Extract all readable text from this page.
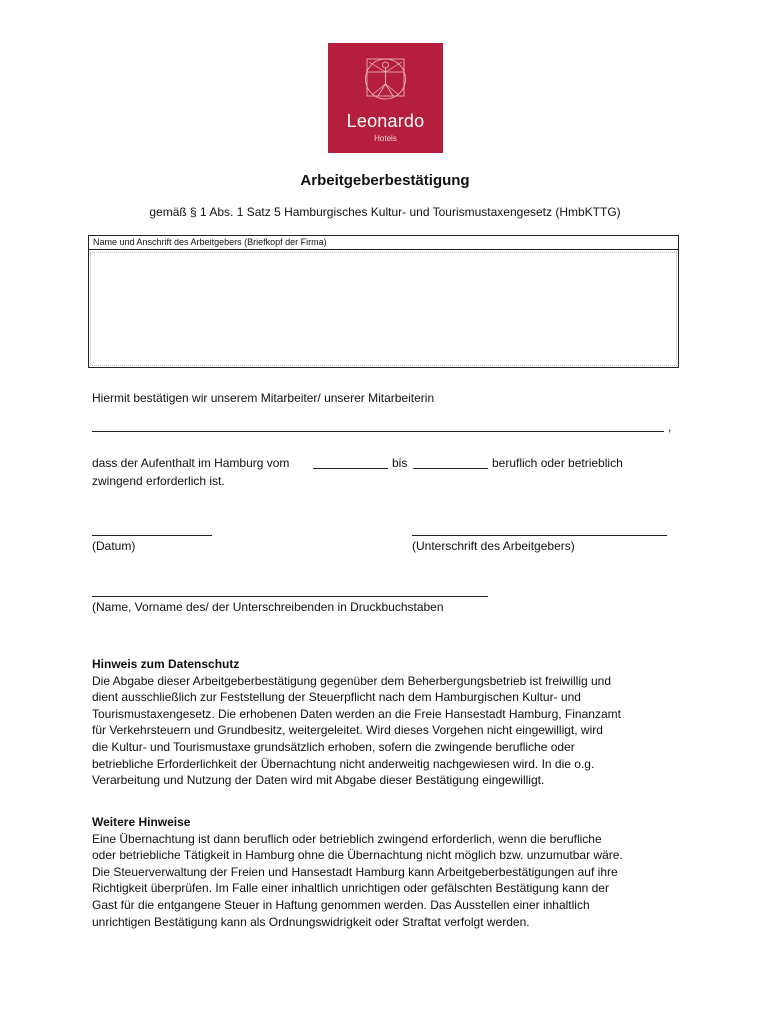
Leonardo
Hotels
Arbeitgeberbestätigung
gemäß § 1 Abs. 1 Satz 5 Hamburgisches Kultur- und Tourismustaxengesetz (HmbKTTG)
Name und Anschrift des Arbeitgebers (Briefkopf der Firma)
Hiermit bestätigen wir unserem Mitarbeiter/ unserer Mitarbeiterin
,
dass der Aufenthalt im Hamburg vom	bis	beruflich oder betrieblich
zwingend erforderlich ist.
(Datum)	(Unterschrift des Arbeitgebers)
(Name, Vorname des/ der Unterschreibenden in Druckbuchstaben
Hinweis zum Datenschutz
Die Abgabe dieser Arbeitgeberbestätigung gegenüber dem Beherbergungsbetrieb ist freiwillig und
dient ausschließlich zur Feststellung der Steuerpflicht nach dem Hamburgischen Kultur- und
Tourismustaxengesetz. Die erhobenen Daten werden an die Freie Hansestadt Hamburg, Finanzamt
für Verkehrsteuern und Grundbesitz, weitergeleitet. Wird dieses Vorgehen nicht eingewilligt, wird
die Kultur- und Tourismustaxe grundsätzlich erhoben, sofern die zwingende berufliche oder
betriebliche Erforderlichkeit der Übernachtung nicht anderweitig nachgewiesen wird. In die o.g.
Verarbeitung und Nutzung der Daten wird mit Abgabe dieser Bestätigung eingewilligt.
Weitere Hinweise
Eine Übernachtung ist dann beruflich oder betrieblich zwingend erforderlich, wenn die berufliche
oder betriebliche Tätigkeit in Hamburg ohne die Übernachtung nicht möglich bzw. unzumutbar wäre.
Die Steuerverwaltung der Freien und Hansestadt Hamburg kann Arbeitgeberbestätigungen auf ihre
Richtigkeit überprüfen. Im Falle einer inhaltlich unrichtigen oder gefälschten Bestätigung kann der
Gast für die entgangene Steuer in Haftung genommen werden. Das Ausstellen einer inhaltlich
unrichtigen Bestätigung kann als Ordnungswidrigkeit oder Straftat verfolgt werden.
